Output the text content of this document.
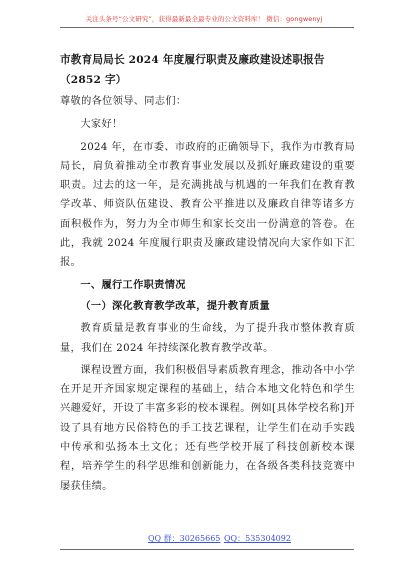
关注头条号“公文研究”，获得最新最全最专业的公文资料库！ 微信：gongwenyj
市教育局局长 2024 年度履行职责及廉政建设述职报告
（2852 字）

尊敬的各位领导、同志们：

大家好！

2024 年，在市委、市政府的正确领导下，我作为市教育局局长，肩负着推动全市教育事业发展以及抓好廉政建设的重要职责。过去的这一年，是充满挑战与机遇的一年我们在教育教学改革、师资队伍建设、教育公平推进以及廉政自律等诸多方面积极作为，努力为全市师生和家长交出一份满意的答卷。在此，我就 2024 年度履行职责及廉政建设情况向大家作如下汇报。

一、履行工作职责情况

（一）深化教育教学改革，提升教育质量

教育质量是教育事业的生命线，为了提升我市整体教育质量，我们在 2024 年持续深化教育教学改革。

课程设置方面，我们积极倡导素质教育理念，推动各中小学在开足开齐国家规定课程的基础上，结合本地文化特色和学生兴趣爱好，开设了丰富多彩的校本课程。例如[具体学校名称]开设了具有地方民俗特色的手工技艺课程，让学生们在动手实践中传承和弘扬本土文化；还有些学校开展了科技创新校本课程，培养学生的科学思维和创新能力，在各级各类科技竞赛中屡获佳绩。

QQ 群：30265665 QQ：535304092
